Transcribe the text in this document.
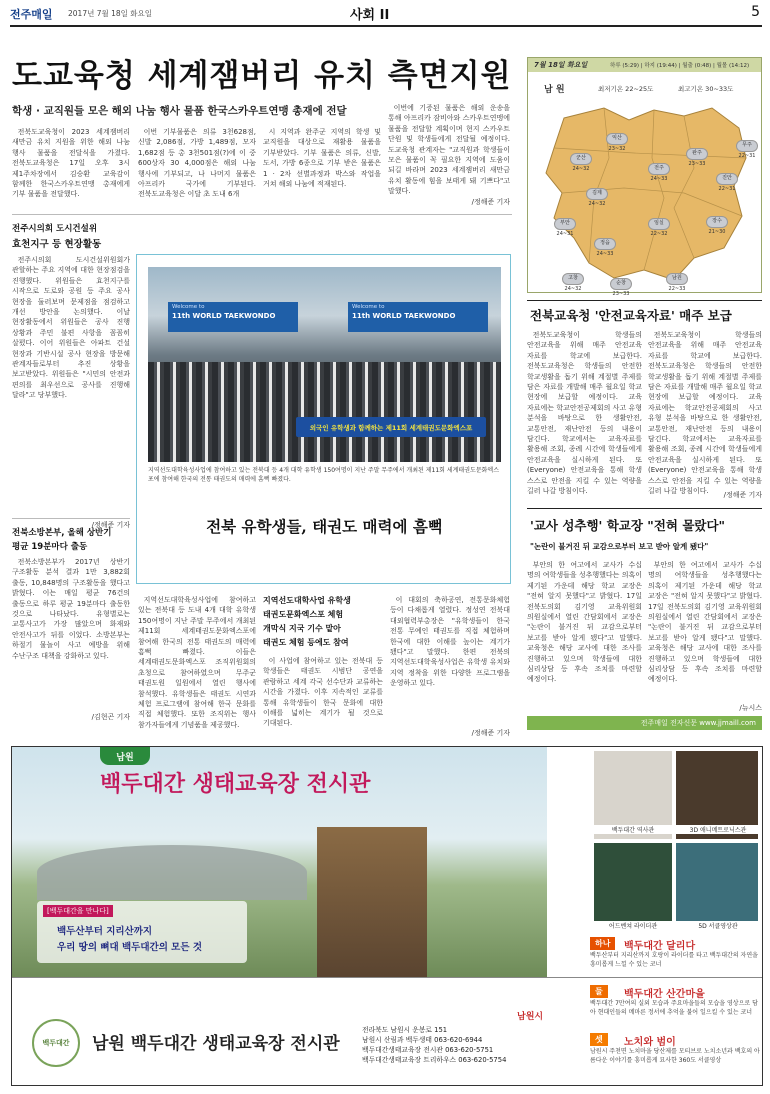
전주매일 2017년 7월 18일 화요일	사회 II	5
도교육청 세계잼버리 유치 측면지원
학생 · 교직원들 모은 해외 나눔 행사 물품 한국스카우트연맹 총재에 전달

전북도교육청이 2023 세계잼버리 새만금 유치 지원을 위한 해외 나눔 행사 물품을 전달식을 가졌다. 전북도교육청은 17일 오후 3시 제1주차장에서 김승환 교육감이 함께한 한국스카우트연맹 총재에게 기부 물품을 전달했다.

이번 기부물품은 의류 3천628점, 신발 2,086점, 가방 1,489점, 모자 1,682점 등 총 3천501점(?)에 이 중 600상자 30 4,000점은 해외 나눔 행사에 기부되고, 나 나머지 물품은 아프리카 국가에 기부된다. 전북도교육청은 이달 초 도내 6개

시 지역과 완주군 지역의 학생 및 교직원을 대상으로 재활용 물품을 기부받았다. 기부 물품은 의류, 신발, 도서, 가방 6종으로 기부 받은 물품은 1 · 2차 선별과정과 박스와 작업을 거쳐 해외 나눔에 적재된다.

이번에 기증된 물품은 해외 운송을 통해 아프리카 잠비아와 스카우트연맹에 물품을 전달할 계획이며 현지 스카우트 단원 및 학생들에게 전달될 예정이다. 도교육청 관계자는 "교직원과 학생들이 모은 물품이 꼭 필요한 지역에 도움이 되길 바라며 2023 세계잼버리 새만금 유치 활동에 힘을 보태게 돼 기쁘다"고 말했다.

/정해준 기자
7월 18일 화요일	하루 (5:29) | 하지 (19:44) | 월출 (0:48) | 월몰 (14:12)
남 원	최저기온 22~25도	최고기온 30~33도
군산
24~32
익산
23~32
전주
24~33
완주
23~33
김제
24~32
진안
22~31
무주
22~31
부안
24~31
정읍
24~33
임실
22~32
장수
21~30
고창
24~32
순창
23~33
남원
22~33
전주시의회 도시건설위
효천지구 등 현장활동

전주시의회 도시건설위원회가 관할하는 주요 지역에 대한 현장점검을 진행했다. 위원들은 효천지구를 시작으로 도로와 공원 등 주요 공사 현장을 둘러보며 문제점을 점검하고 개선 방안을 논의했다. 이날 현장활동에서 위원들은 공사 진행 상황과 주민 불편 사항을 꼼꼼히 살폈다. 이어 위원들은 아파트 건설 현장과 기반시설 공사 현장을 방문해 관계자들로부터 추진 상황을 보고받았다. 위원들은 "시민의 안전과 편의를 최우선으로 공사를 진행해 달라"고 당부했다.

/정해준 기자
전북소방본부, 올해 상반기
평균 19분마다 출동

전북소방본부가 2017년 상반기 구조활동 분석 결과 1만 3,882회 출동, 10,848명의 구조활동을 했다고 밝혔다. 이는 매일 평균 76건의 출동으로 하루 평균 19분마다 출동한 것으로 나타났다. 유형별로는 교통사고가 가장 많았으며 화재와 안전사고가 뒤를 이었다. 소방본부는 하절기 물놀이 사고 예방을 위해 수난구조 대책을 강화하고 있다.

/김현곤 기자
Welcome to
11th WORLD TAEKWONDO
Welcome to
11th WORLD TAEKWONDO
외국인 유학생과 함께하는 제11회 세계태권도문화엑스포
지역선도대학육성사업에 참여하고 있는 전북대 등 4개 대학 유학생 150여명이 지난 주말 무주에서 개최된 제11회 세계태권도문화엑스포에 참여해 한국의 전통 태권도의 매력에 흠뻑 빠졌다.
전북 유학생들, 태권도 매력에 흠뻑

지역선도대학육성사업에 참여하고 있는 전북대 등 도내 4개 대학 유학생 150여명이 지난 주말 무주에서 개최된 제11회 세계태권도문화엑스포에 참여해 한국의 전통 태권도의 매력에 흠뻑 빠졌다. 이들은 세계태권도문화엑스포 조직위원회의 초청으로 참여하였으며 무주군 태권도원 일원에서 열린 행사에 참석했다. 유학생들은 태권도 시연과 체험 프로그램에 참여해 한국 문화를 직접 체험했다. 또한 조직위는 행사 참가자들에게 기념품을 제공했다.

지역선도대학사업 유학생
태권도문화엑스포 체험
개막식 지국 기수 맡아
태권도 체험 등에도 참여

이 사업에 참여하고 있는 전북대 등 학생들은 태권도 시범단 공연을 관람하고 세계 각국 선수단과 교류하는 시간을 가졌다. 이후 지속적인 교류를 통해 유학생들이 한국 문화에 대한 이해를 넓히는 계기가 될 것으로 기대된다.

이 대회의 축하공연, 전통문화체험 등이 다채롭게 열렸다. 정성연 전북대 대외협력부총장은 "유학생들이 한국 전통 무예인 태권도를 직접 체험하며 한국에 대한 이해를 높이는 계기가 됐다"고 말했다. 한편 전북의 지역선도대학육성사업은 유학생 유치와 지역 정착을 위한 다양한 프로그램을 운영하고 있다.

/정해준 기자
전북교육청 '안전교육자료' 매주 보급

전북도교육청이 학생들의 안전교육을 위해 매주 안전교육 자료를 학교에 보급한다. 전북도교육청은 학생들의 안전한 학교생활을 돕기 위해 계절별 주제를 담은 자료를 개발해 매주 월요일 학교 현장에 보급할 예정이다. 교육 자료에는 학교안전공제회의 사고 유형 분석을 바탕으로 한 생활안전, 교통안전, 재난안전 등의 내용이 담긴다. 학교에서는 교육자료를 활용해 조회, 종례 시간에 학생들에게 안전교육을 실시하게 된다. 또 (Everyone) 안전교육을 통해 학생 스스로 안전을 지킬 수 있는 역량을 길러 나갈 방침이다.

전북도교육청이 학생들의 안전교육을 위해 매주 안전교육 자료를 학교에 보급한다. 전북도교육청은 학생들의 안전한 학교생활을 돕기 위해 계절별 주제를 담은 자료를 개발해 매주 월요일 학교 현장에 보급할 예정이다. 교육 자료에는 학교안전공제회의 사고 유형 분석을 바탕으로 한 생활안전, 교통안전, 재난안전 등의 내용이 담긴다. 학교에서는 교육자료를 활용해 조회, 종례 시간에 학생들에게 안전교육을 실시하게 된다. 또 (Everyone) 안전교육을 통해 학생 스스로 안전을 지킬 수 있는 역량을 길러 나갈 방침이다.	/정해준 기자
'교사 성추행' 학교장 "전혀 몰랐다"
"논란이 불거진 뒤 교감으로부터 보고 받아 알게 됐다"

부안의 한 여고에서 교사가 수십 명의 여학생들을 성추행했다는 의혹이 제기된 가운데 해당 학교 교장은 "전혀 알지 못했다"고 밝혔다. 17일 전북도의회 김기영 교육위원회 의원실에서 열린 간담회에서 교장은 "논란이 불거진 뒤 교감으로부터 보고를 받아 알게 됐다"고 말했다. 교육청은 해당 교사에 대한 조사를 진행하고 있으며 학생들에 대한 심리상담 등 후속 조치를 마련할 예정이다.

부안의 한 여고에서 교사가 수십 명의 여학생들을 성추행했다는 의혹이 제기된 가운데 해당 학교 교장은 "전혀 알지 못했다"고 밝혔다. 17일 전북도의회 김기영 교육위원회 의원실에서 열린 간담회에서 교장은 "논란이 불거진 뒤 교감으로부터 보고를 받아 알게 됐다"고 말했다. 교육청은 해당 교사에 대한 조사를 진행하고 있으며 학생들에 대한 심리상담 등 후속 조치를 마련할 예정이다.

/뉴시스
전주매일 전자신문 www.jjmaill.com
남원
백두대간 생태교육장 전시관
[백두대간을 만나다]
백두산부터 지리산까지
우리 땅의 뼈대 백두대간의 모든 것
백두대간 역사관	3D 애니메트로닉스관
어드벤쳐 라이더관	5D 서클영상관
하나	백두대간 달리다
백두산부터 지리산까지 호랑이 라이더를 타고 백두대간의 자연을 흥미롭게 느낄 수 있는 코너
둘	백두대간 산간마을
백두대간 7만여의 실외 모습과 주요마을들의 모습을 영상으로 담아 현대인들의 메마른 정서에 추억을 불어 일으킬 수 있는 코너
셋	노치와 범이
남원시 주천면 노치마을 당산제를 모티브로 노치소년과 백호의 아름다운 이야기를 흥미롭게 묘사한 360도 서클영상
백두대간 남원 백두대간 생태교육장 전시관
전라북도 남원시 운봉로 151
남원시 산림과 백두생태 063-620-6944
백두대간생태교육장 전시관 063-620-5751
백두대간생태교육장 트리하우스 063-620-5754
남원시
